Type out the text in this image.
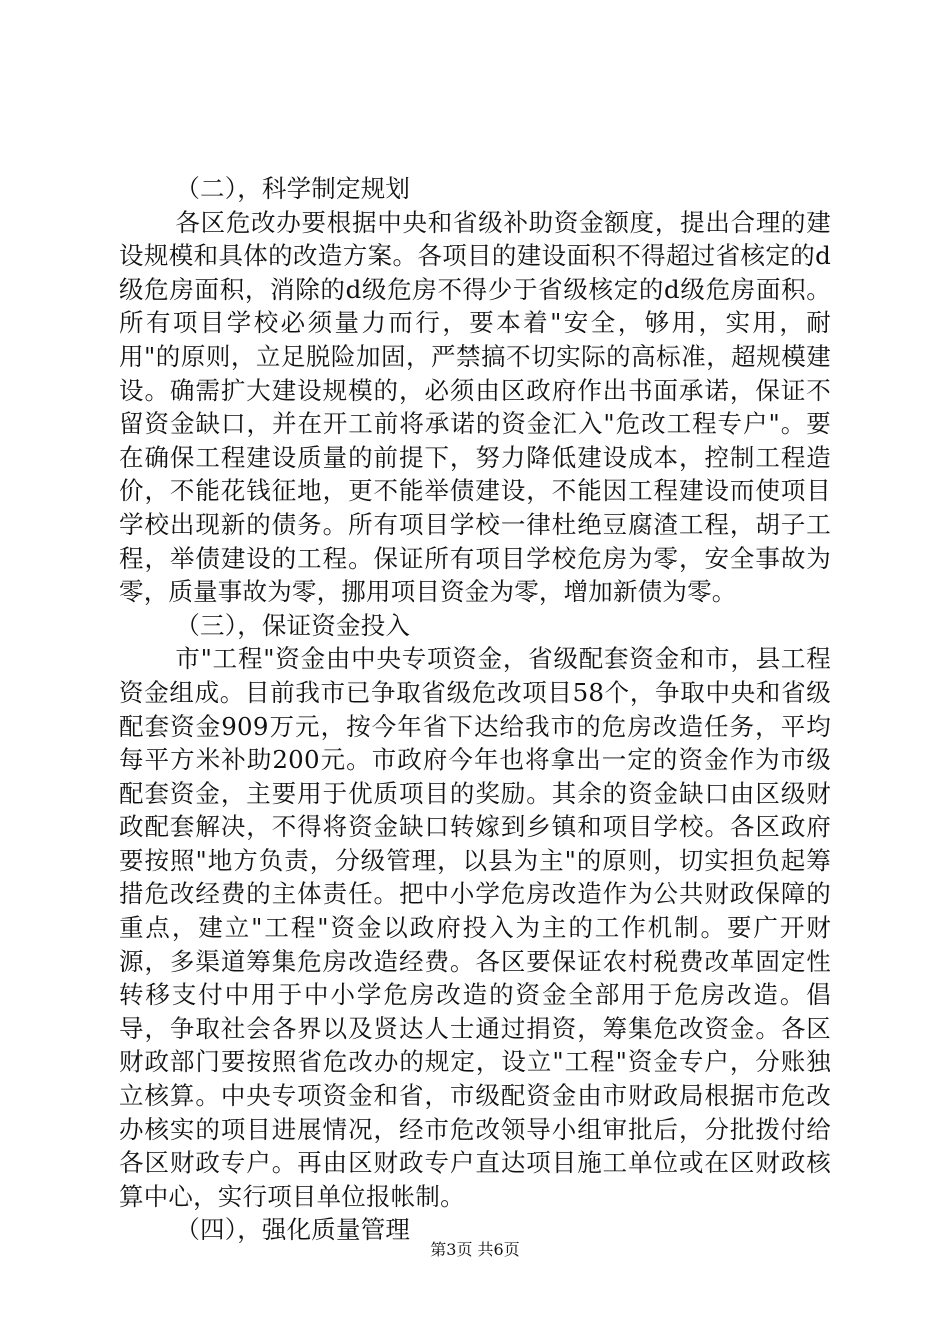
（二），科学制定规划

各区危改办要根据中央和省级补助资金额度，提出合理的建设规模和具体的改造方案。各项目的建设面积不得超过省核定的d级危房面积，消除的d级危房不得少于省级核定的d级危房面积。所有项目学校必须量力而行，要本着"安全，够用，实用，耐用"的原则，立足脱险加固，严禁搞不切实际的高标准，超规模建设。确需扩大建设规模的，必须由区政府作出书面承诺，保证不留资金缺口，并在开工前将承诺的资金汇入"危改工程专户"。要在确保工程建设质量的前提下，努力降低建设成本，控制工程造价，不能花钱征地，更不能举债建设，不能因工程建设而使项目学校出现新的债务。所有项目学校一律杜绝豆腐渣工程，胡子工程，举债建设的工程。保证所有项目学校危房为零，安全事故为零，质量事故为零，挪用项目资金为零，增加新债为零。

（三），保证资金投入

市"工程"资金由中央专项资金，省级配套资金和市，县工程资金组成。目前我市已争取省级危改项目58个，争取中央和省级配套资金909万元，按今年省下达给我市的危房改造任务，平均每平方米补助200元。市政府今年也将拿出一定的资金作为市级配套资金，主要用于优质项目的奖励。其余的资金缺口由区级财政配套解决，不得将资金缺口转嫁到乡镇和项目学校。各区政府要按照"地方负责，分级管理，以县为主"的原则，切实担负起筹措危改经费的主体责任。把中小学危房改造作为公共财政保障的重点，建立"工程"资金以政府投入为主的工作机制。要广开财源，多渠道筹集危房改造经费。各区要保证农村税费改革固定性转移支付中用于中小学危房改造的资金全部用于危房改造。倡导，争取社会各界以及贤达人士通过捐资，筹集危改资金。各区财政部门要按照省危改办的规定，设立"工程"资金专户，分账独立核算。中央专项资金和省，市级配资金由市财政局根据市危改办核实的项目进展情况，经市危改领导小组审批后，分批拨付给各区财政专户。再由区财政专户直达项目施工单位或在区财政核算中心，实行项目单位报帐制。

（四），强化质量管理

第3页 共6页
